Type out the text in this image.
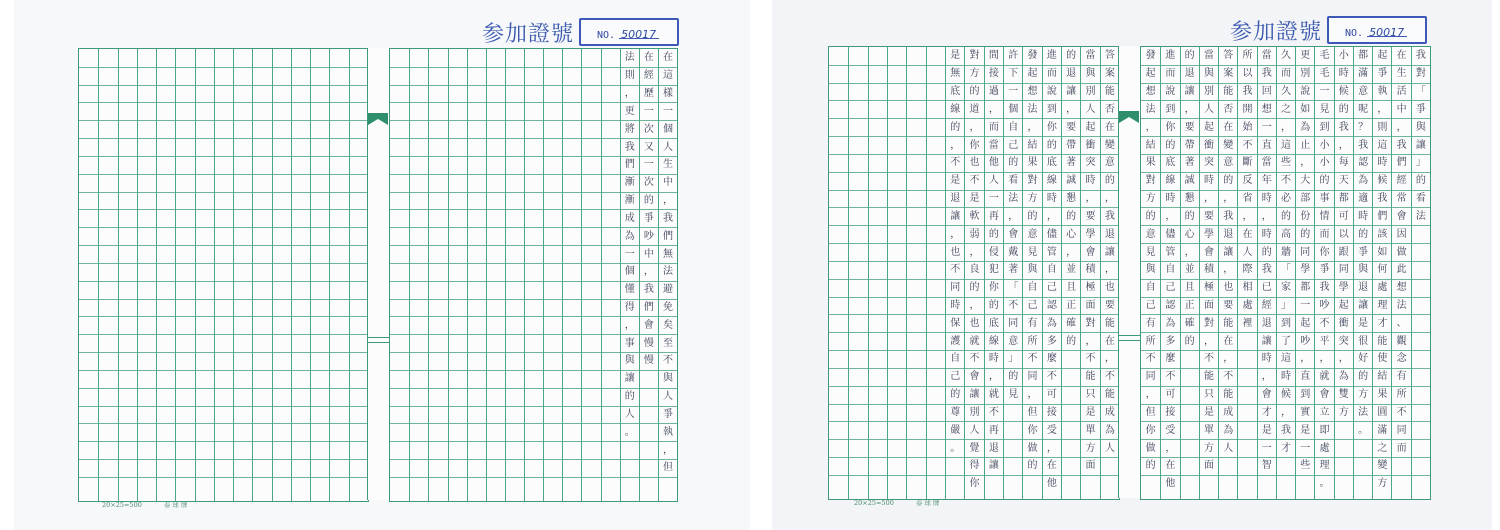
参加證號 NO. 50017
在
這
樣
一
個
人
生
中
，
我
們
無
法
避
免
矣
至
不
與
人
爭
執
，
但
在
經
歷
一
次
又
一
次
的
爭
吵
中
，
我
們
會
慢
慢
法
則
，
更
將
我
們
漸
漸
成
為
一
個
懂
得
，
事
與
讓
的
人
。
20×25=500	泰 球 牌
参加證號 NO. 50017
答
案
能
否
在
變
意
的
，
我
退
讓
，
也
要
能
在
，
不
能
成
為
人
當
與
別
人
起
衝
突
時
，
要
學
會
積
極
面
對
，
不
能
只
是
單
方
面
的
退
讓
，
要
帶
著
誠
懇
的
心
，
並
且
正
確
的
進
而
說
到
你
的
底
線
時
，
儘
管
自
己
認
為
多
麼
不
可
接
受
，
在
他
發
起
想
法
，
結
果
對
方
的
意
見
與
自
己
有
所
不
同
，
但
你
做
的
許
下
一
個
自
己
的
看
法
，
會
戴
著
「
不
同
意
」
的
見
間
接
過
，
而
當
他
人
一
再
的
侵
犯
你
的
底
線
時
，
就
不
再
退
讓
對
方
的
道
，
你
也
不
是
軟
弱
，
良
的
，
也
就
不
會
讓
別
人
覺
得
你
是
無
底
線
的
，
不
是
退
讓
，
也
不
同
時
保
護
自
己
的
尊
嚴
。
我
對
「
爭
與
讓
」
的
看
法
在
生
活
中
，
我
們
經
常
會
因
做
此
想
法
、
觀
念
有
所
不
同
而
起
爭
執
，
則
這
時
候
我
們
該
如
何
處
理
才
能
使
結
果
圓
滿
之
變
方
都
滿
意
呢
？
我
認
為
適
時
的
爭
與
退
讓
是
很
好
的
方
法
。
小
時
候
的
我
，
每
天
都
可
以
跟
同
學
起
衝
突
，
為
雙
方
毛
毛
一
見
到
小
小
的
事
情
而
你
爭
我
吵
不
平
，
就
會
立
即
處
理
。
更
別
說
如
為
止
，
大
部
份
的
同
學
都
一
起
吵
，
直
到
實
是
一
些
久
而
久
之
，
這
些
不
必
的
高
牆
「
家
」
到
了
這
時
候
，
我
才
當
我
回
想
一
直
當
年
時
，
時
的
我
已
經
退
讓
時
，
會
才
是
一
智
所
以
我
開
始
不
斷
反
省
，
在
人
際
相
處
裡
答
案
能
否
在
變
意
的
，
我
退
讓
，
也
要
能
在
，
不
能
成
為
人
當
與
別
人
起
衝
突
時
，
要
學
會
積
極
面
對
，
不
能
只
是
單
方
面
的
退
讓
，
要
帶
著
誠
懇
的
心
，
並
且
正
確
的
進
而
說
到
你
的
底
線
時
，
儘
管
自
己
認
為
多
麼
不
可
接
受
，
在
他
發
起
想
法
，
結
果
對
方
的
意
見
與
自
己
有
所
不
同
，
但
你
做
的
20×25=500	泰 球 牌
